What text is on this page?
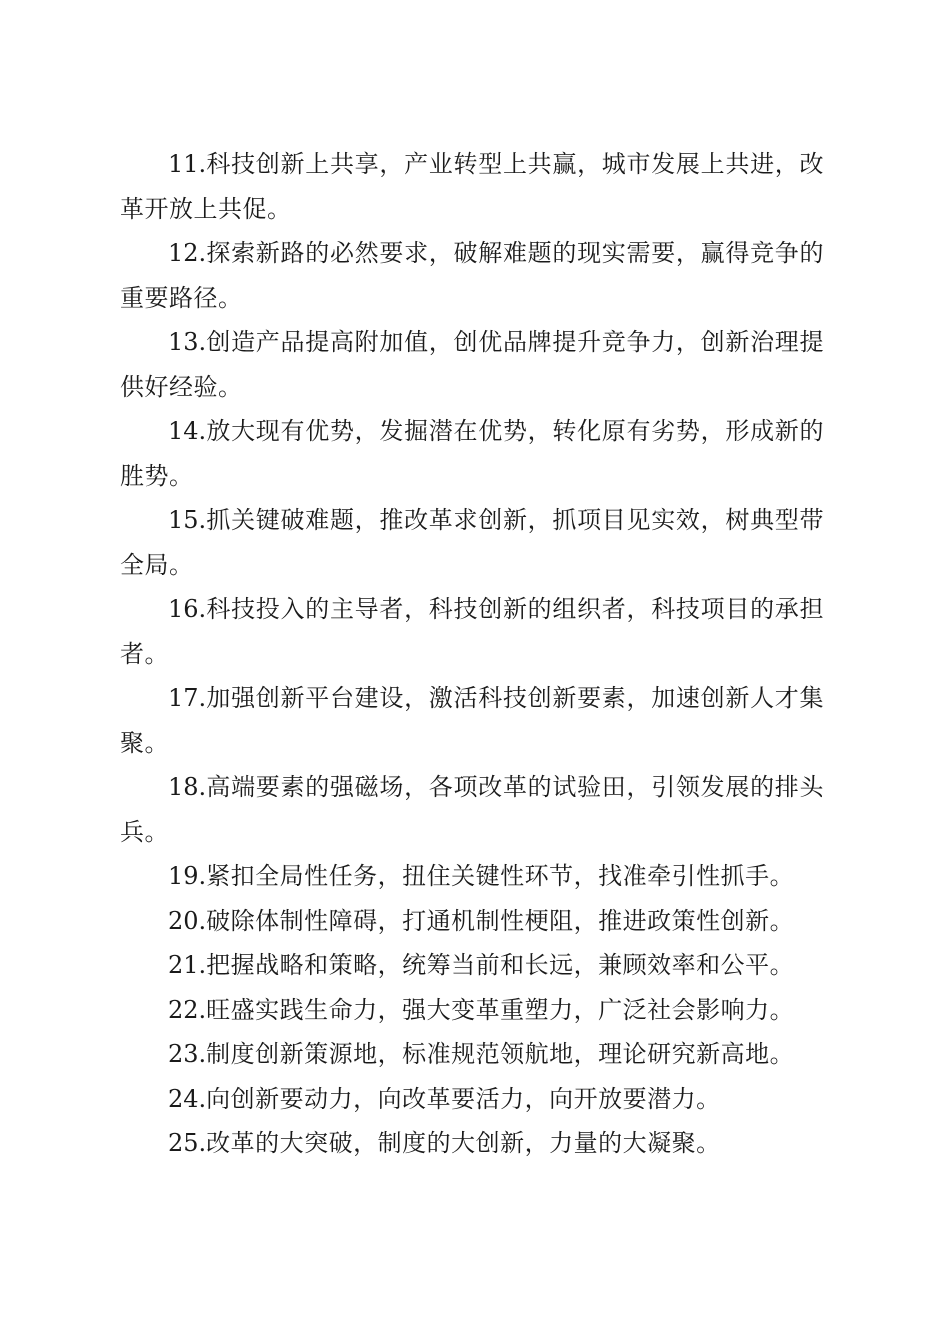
11.科技创新上共享，产业转型上共赢，城市发展上共进，改革开放上共促。

12.探索新路的必然要求，破解难题的现实需要，赢得竞争的重要路径。

13.创造产品提高附加值，创优品牌提升竞争力，创新治理提供好经验。

14.放大现有优势，发掘潜在优势，转化原有劣势，形成新的胜势。

15.抓关键破难题，推改革求创新，抓项目见实效，树典型带全局。

16.科技投入的主导者，科技创新的组织者，科技项目的承担者。

17.加强创新平台建设，激活科技创新要素，加速创新人才集聚。

18.高端要素的强磁场，各项改革的试验田，引领发展的排头兵。

19.紧扣全局性任务，扭住关键性环节，找准牵引性抓手。

20.破除体制性障碍，打通机制性梗阻，推进政策性创新。

21.把握战略和策略，统筹当前和长远，兼顾效率和公平。

22.旺盛实践生命力，强大变革重塑力，广泛社会影响力。

23.制度创新策源地，标准规范领航地，理论研究新高地。

24.向创新要动力，向改革要活力，向开放要潜力。

25.改革的大突破，制度的大创新，力量的大凝聚。
